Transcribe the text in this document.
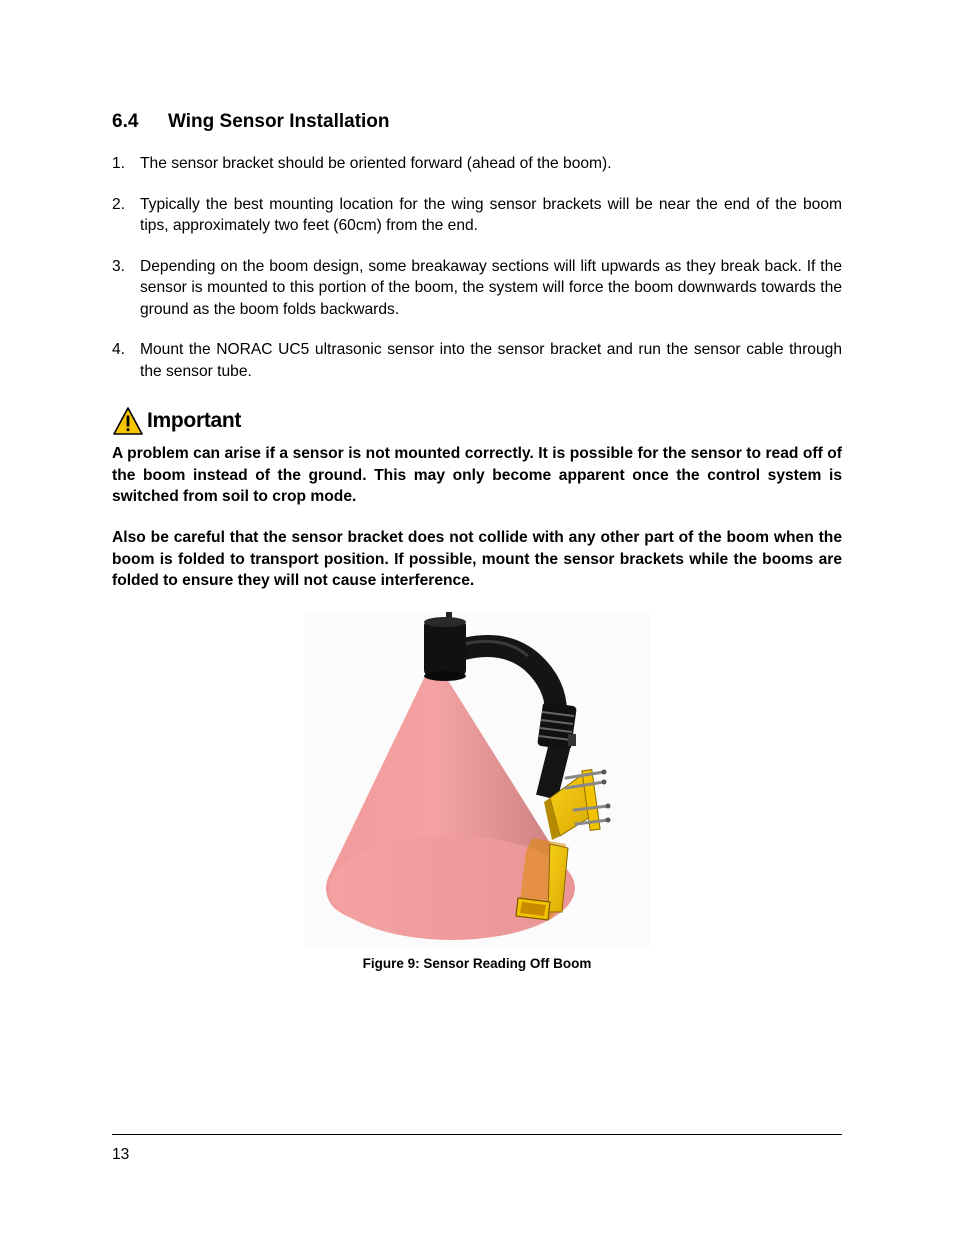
6.4 Wing Sensor Installation
1. The sensor bracket should be oriented forward (ahead of the boom).
2. Typically the best mounting location for the wing sensor brackets will be near the end of the boom tips, approximately two feet (60cm) from the end.
3. Depending on the boom design, some breakaway sections will lift upwards as they break back. If the sensor is mounted to this portion of the boom, the system will force the boom downwards towards the ground as the boom folds backwards.
4. Mount the NORAC UC5 ultrasonic sensor into the sensor bracket and run the sensor cable through the sensor tube.
Important

A problem can arise if a sensor is not mounted correctly. It is possible for the sensor to read off of the boom instead of the ground. This may only become apparent once the control system is switched from soil to crop mode.

Also be careful that the sensor bracket does not collide with any other part of the boom when the boom is folded to transport position. If possible, mount the sensor brackets while the booms are folded to ensure they will not cause interference.

Figure 9: Sensor Reading Off Boom
13
